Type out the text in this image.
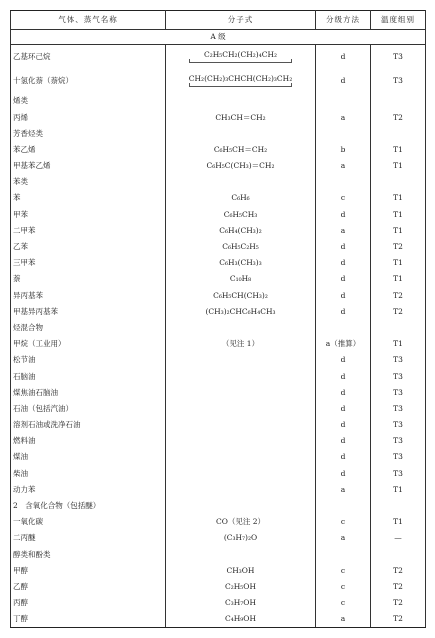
气体、蒸气名称	分子式	分级方法	温度组别
A 级			
乙基环己烷	C₂H₅CH₂(CH₂)₄CH₂	d	T3
十氢化萘（萘烷）	CH₂(CH₂)₃CHCH(CH₂)₃CH₂	d	T3
烯类			
丙烯	CH₃CH＝CH₂	a	T2
芳香烃类			
苯乙烯	C₆H₅CH＝CH₂	b	T1
甲基苯乙烯	C₆H₅C(CH₃)＝CH₂	a	T1
苯类			
苯	C₆H₆	c	T1
甲苯	C₆H₅CH₃	d	T1
二甲苯	C₆H₄(CH₃)₂	a	T1
乙苯	C₆H₅C₂H₅	d	T2
三甲苯	C₆H₃(CH₃)₃	d	T1
萘	C₁₀H₈	d	T1
异丙基苯	C₆H₅CH(CH₃)₂	d	T2
甲基异丙基苯	(CH₃)₂CHC₆H₄CH₃	d	T2
烃混合物			
甲烷（工业用）	（见注 1）	a（推算）	T1
松节油		d	T3
石脑油		d	T3
煤焦油石脑油		d	T3
石油（包括汽油）		d	T3
溶剂石油或洗净石油		d	T3
燃料油		d	T3
煤油		d	T3
柴油		d	T3
动力苯		a	T1
2　含氧化合物（包括醚）			
一氧化碳	CO（见注 2）	c	T1
二丙醚	(C₃H₇)₂O	a	—
醇类和酚类			
甲醇	CH₃OH	c	T2
乙醇	C₂H₅OH	c	T2
丙醇	C₃H₇OH	c	T2
丁醇	C₄H₉OH	a	T2
